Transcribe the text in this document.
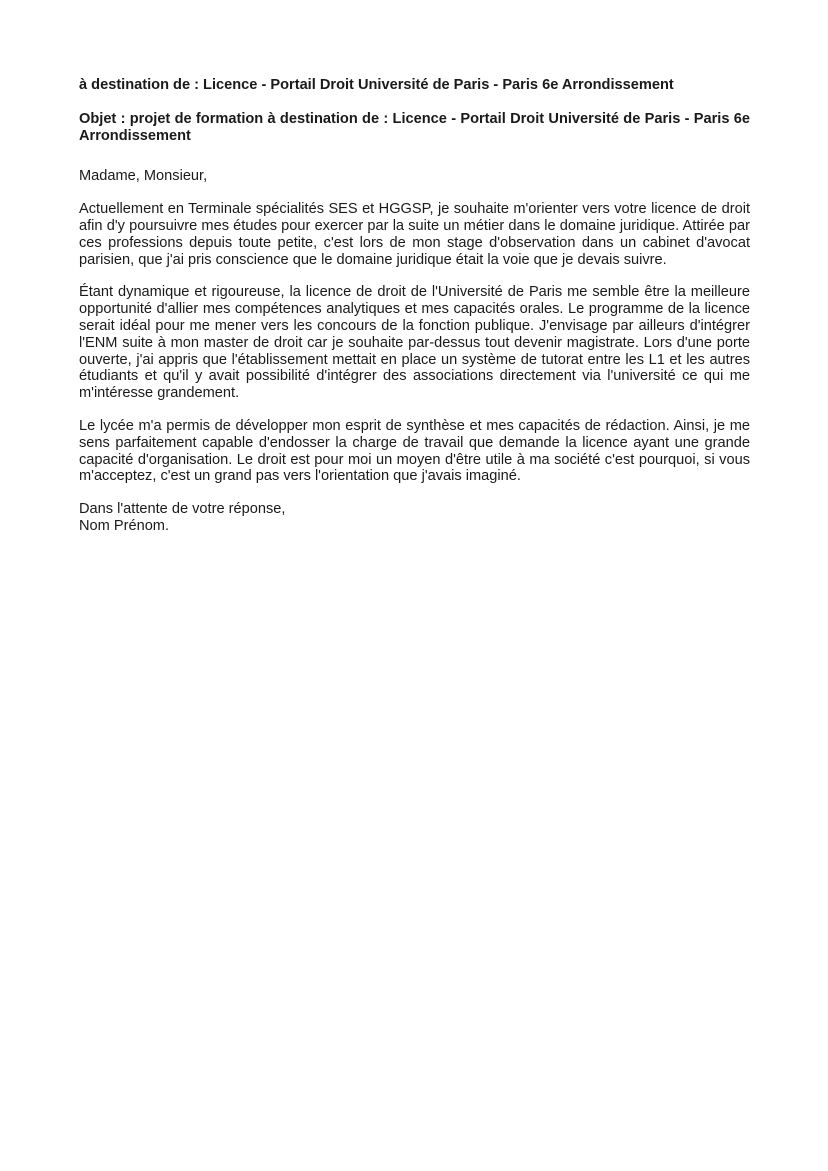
à destination de : Licence - Portail Droit Université de Paris - Paris 6e Arrondissement

Objet : projet de formation à destination de : Licence - Portail Droit Université de Paris - Paris 6e Arrondissement

Madame, Monsieur,

Actuellement en Terminale spécialités SES et HGGSP, je souhaite m'orienter vers votre licence de droit afin d'y poursuivre mes études pour exercer par la suite un métier dans le domaine juridique. Attirée par ces professions depuis toute petite, c'est lors de mon stage d'observation dans un cabinet d'avocat parisien, que j'ai pris conscience que le domaine juridique était la voie que je devais suivre.

Étant dynamique et rigoureuse, la licence de droit de l'Université de Paris me semble être la meilleure opportunité d'allier mes compétences analytiques et mes capacités orales. Le programme de la licence serait idéal pour me mener vers les concours de la fonction publique. J'envisage par ailleurs d'intégrer l'ENM suite à mon master de droit car je souhaite par-dessus tout devenir magistrate. Lors d'une porte ouverte, j'ai appris que l'établissement mettait en place un système de tutorat entre les L1 et les autres étudiants et qu'il y avait possibilité d'intégrer des associations directement via l'université ce qui me m'intéresse grandement.

Le lycée m'a permis de développer mon esprit de synthèse et mes capacités de rédaction. Ainsi, je me sens parfaitement capable d'endosser la charge de travail que demande la licence ayant une grande capacité d'organisation. Le droit est pour moi un moyen d'être utile à ma société c'est pourquoi, si vous m'acceptez, c'est un grand pas vers l'orientation que j'avais imaginé.

Dans l'attente de votre réponse,
Nom Prénom.
